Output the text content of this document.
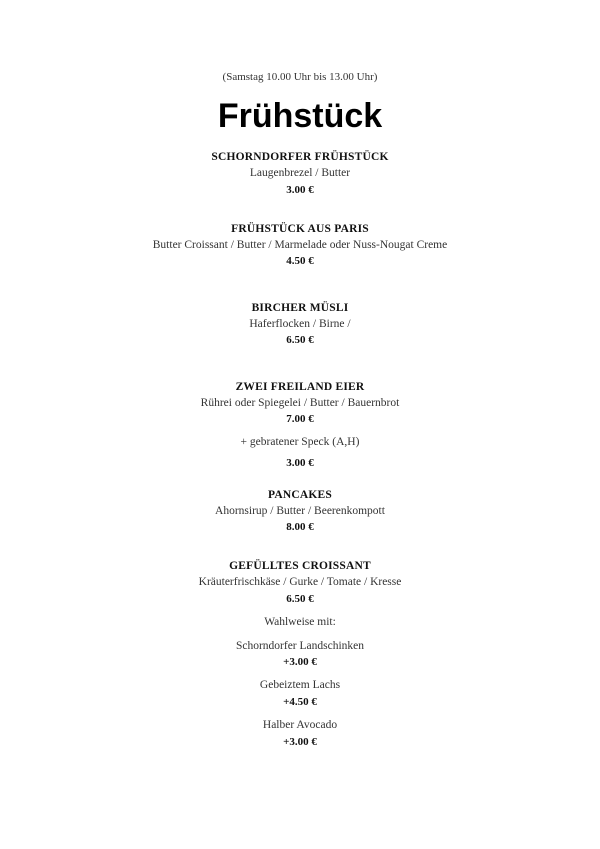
(Samstag 10.00 Uhr bis 13.00 Uhr)
Frühstück
SCHORNDORFER FRÜHSTÜCK
Laugenbrezel / Butter
3.00 €
FRÜHSTÜCK AUS PARIS
Butter Croissant / Butter / Marmelade oder Nuss-Nougat Creme
4.50 €
BIRCHER MÜSLI
Haferflocken / Birne /
6.50 €
ZWEI FREILAND EIER
Rührei oder Spiegelei / Butter / Bauernbrot
7.00 €
+ gebratener Speck (A,H)
3.00 €
PANCAKES
Ahornsirup / Butter / Beerenkompott
8.00 €
GEFÜLLTES CROISSANT
Kräuterfrischkäse / Gurke / Tomate / Kresse
6.50 €
Wahlweise mit:
Schorndorfer Landschinken
+3.00 €
Gebeiztem Lachs
+4.50 €
Halber Avocado
+3.00 €
